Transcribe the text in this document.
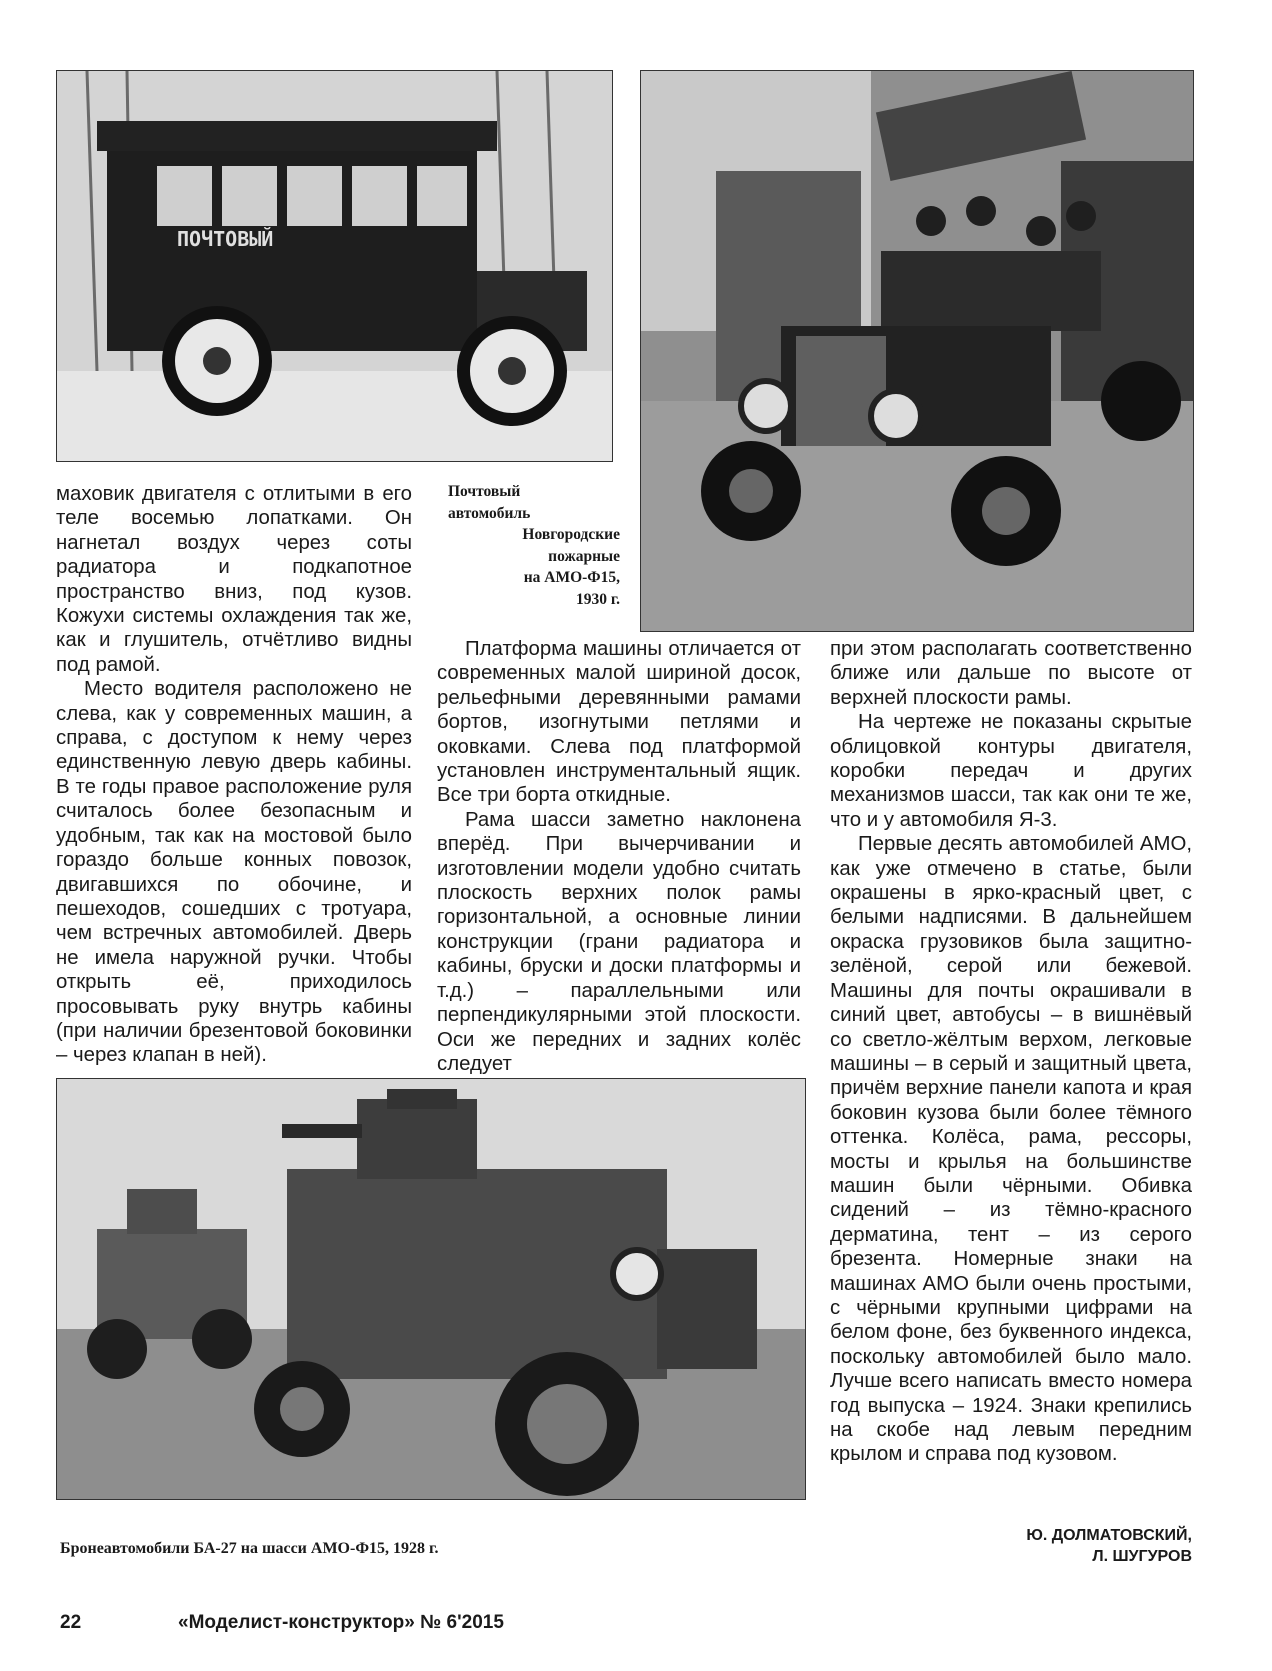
ПОЧТОВЫЙ
Почтовый
автомобиль
Новгородские
пожарные
на АМО-Ф15,
1930 г.

маховик двигателя с отлитыми в его теле восемью лопатками. Он нагнетал воздух через соты радиатора и подкапотное пространство вниз, под кузов. Кожухи системы охлаждения так же, как и глушитель, отчётливо видны под рамой.

Место водителя расположено не слева, как у современных машин, а справа, с доступом к нему через единственную левую дверь кабины. В те годы правое расположение руля считалось более безопасным и удобным, так как на мостовой было гораздо больше конных повозок, двигавшихся по обочине, и пешеходов, сошедших с тротуара, чем встречных автомобилей. Дверь не имела наружной ручки. Чтобы открыть её, приходилось просовывать руку внутрь кабины (при наличии брезентовой боковинки – через клапан в ней).

Платформа машины отличается от современных малой шириной досок, рельефными деревянными рамами бортов, изогнутыми петлями и оковками. Слева под платформой установлен инструментальный ящик. Все три борта откидные.

Рама шасси заметно наклонена вперёд. При вычерчивании и изготовлении модели удобно считать плоскость верхних полок рамы горизонтальной, а основные линии конструкции (грани радиатора и кабины, бруски и доски платформы и т.д.) – параллельными или перпендикулярными этой плоскости. Оси же передних и задних колёс следует

при этом располагать соответственно ближе или дальше по высоте от верхней плоскости рамы.

На чертеже не показаны скрытые облицовкой контуры двигателя, коробки передач и других механизмов шасси, так как они те же, что и у автомобиля Я-3.

Первые десять автомобилей АМО, как уже отмечено в статье, были окрашены в ярко-красный цвет, с белыми надписями. В дальнейшем окраска грузовиков была защитно-зелёной, серой или бежевой. Машины для почты окрашивали в синий цвет, автобусы – в вишнёвый со светло-жёлтым верхом, легковые машины – в серый и защитный цвета, причём верхние панели капота и края боковин кузова были более тёмного оттенка. Колёса, рама, рессоры, мосты и крылья на большинстве машин были чёрными. Обивка сидений – из тёмно-красного дерматина, тент – из серого брезента. Номерные знаки на машинах АМО были очень простыми, с чёрными крупными цифрами на белом фоне, без буквенного индекса, поскольку автомобилей было мало. Лучше всего написать вместо номера год выпуска – 1924. Знаки крепились на скобе над левым передним крылом и справа под кузовом.

Бронеавтомобили БА-27 на шасси АМО-Ф15, 1928 г.
Ю. ДОЛМАТОВСКИЙ,
Л. ШУГУРОВ
22	«Моделист-конструктор» № 6'2015
